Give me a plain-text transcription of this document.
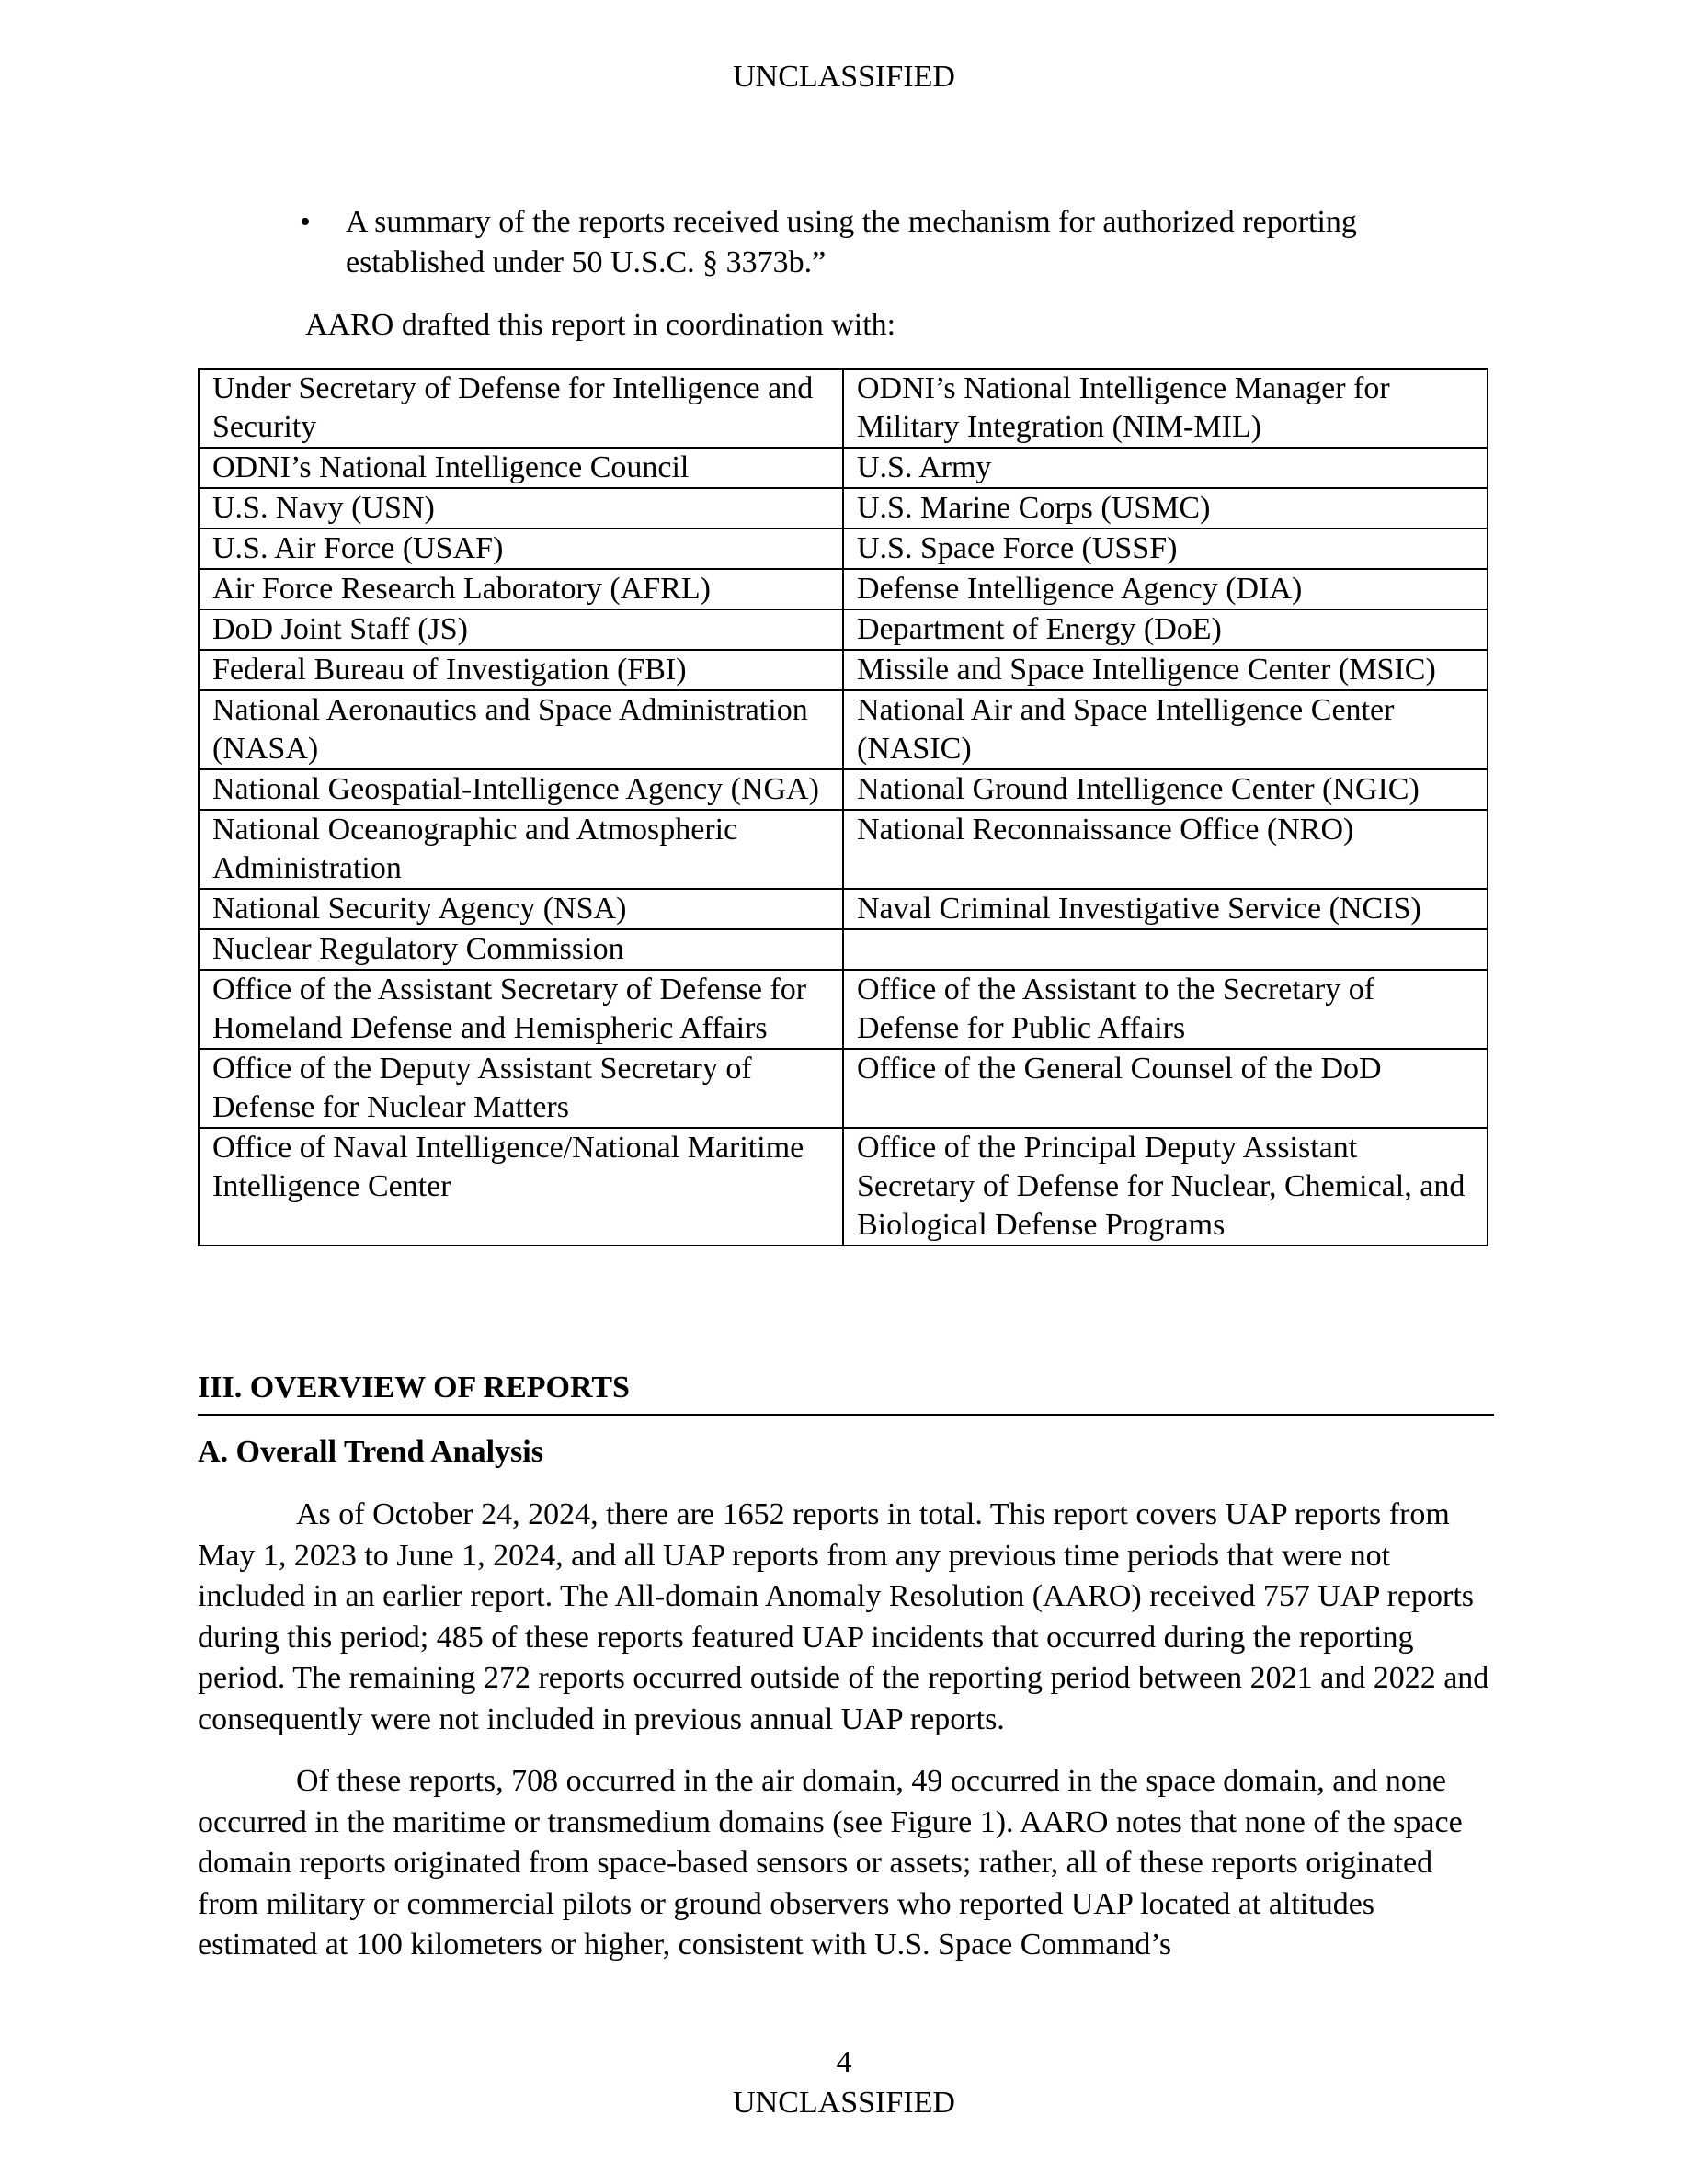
UNCLASSIFIED
• A summary of the reports received using the mechanism for authorized reporting established under 50 U.S.C. § 3373b.”
AARO drafted this report in coordination with:
Under Secretary of Defense for Intelligence and Security	ODNI’s National Intelligence Manager for Military Integration (NIM-MIL)
ODNI’s National Intelligence Council	U.S. Army
U.S. Navy (USN)	U.S. Marine Corps (USMC)
U.S. Air Force (USAF)	U.S. Space Force (USSF)
Air Force Research Laboratory (AFRL)	Defense Intelligence Agency (DIA)
DoD Joint Staff (JS)	Department of Energy (DoE)
Federal Bureau of Investigation (FBI)	Missile and Space Intelligence Center (MSIC)
National Aeronautics and Space Administration (NASA)	National Air and Space Intelligence Center (NASIC)
National Geospatial-Intelligence Agency (NGA)	National Ground Intelligence Center (NGIC)
National Oceanographic and Atmospheric Administration	National Reconnaissance Office (NRO)
National Security Agency (NSA)	Naval Criminal Investigative Service (NCIS)
Nuclear Regulatory Commission	
Office of the Assistant Secretary of Defense for Homeland Defense and Hemispheric Affairs	Office of the Assistant to the Secretary of Defense for Public Affairs
Office of the Deputy Assistant Secretary of Defense for Nuclear Matters	Office of the General Counsel of the DoD
Office of Naval Intelligence/National Maritime Intelligence Center	Office of the Principal Deputy Assistant Secretary of Defense for Nuclear, Chemical, and Biological Defense Programs
III. OVERVIEW OF REPORTS
A. Overall Trend Analysis

As of October 24, 2024, there are 1652 reports in total. This report covers UAP reports from May 1, 2023 to June 1, 2024, and all UAP reports from any previous time periods that were not included in an earlier report. The All-domain Anomaly Resolution (AARO) received 757 UAP reports during this period; 485 of these reports featured UAP incidents that occurred during the reporting period. The remaining 272 reports occurred outside of the reporting period between 2021 and 2022 and consequently were not included in previous annual UAP reports.

Of these reports, 708 occurred in the air domain, 49 occurred in the space domain, and none occurred in the maritime or transmedium domains (see Figure 1). AARO notes that none of the space domain reports originated from space-based sensors or assets; rather, all of these reports originated from military or commercial pilots or ground observers who reported UAP located at altitudes estimated at 100 kilometers or higher, consistent with U.S. Space Command’s

4
UNCLASSIFIED
